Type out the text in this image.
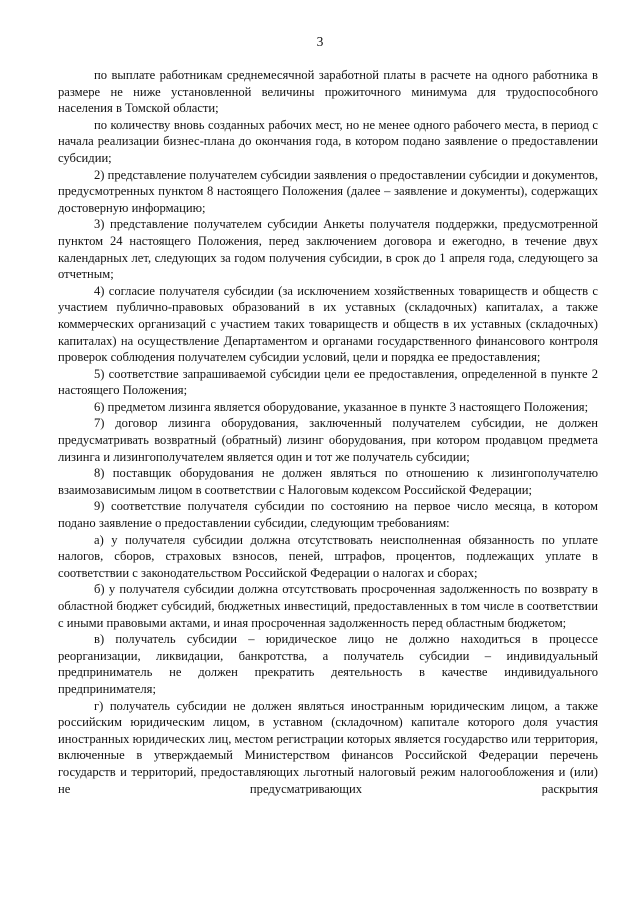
3

по выплате работникам среднемесячной заработной платы в расчете на одного работника в размере не ниже установленной величины прожиточного минимума для трудоспособного населения в Томской области;

по количеству вновь созданных рабочих мест, но не менее одного рабочего места, в период с начала реализации бизнес-плана до окончания года, в котором подано заявление о предоставлении субсидии;

2) представление получателем субсидии заявления о предоставлении субсидии и документов, предусмотренных пунктом 8 настоящего Положения (далее – заявление и документы), содержащих достоверную информацию;

3) представление получателем субсидии Анкеты получателя поддержки, предусмотренной пунктом 24 настоящего Положения, перед заключением договора и ежегодно, в течение двух календарных лет, следующих за годом получения субсидии, в срок до 1 апреля года, следующего за отчетным;

4) согласие получателя субсидии (за исключением хозяйственных товариществ и обществ с участием публично-правовых образований в их уставных (складочных) капиталах, а также коммерческих организаций с участием таких товариществ и обществ в их уставных (складочных) капиталах) на осуществление Департаментом и органами государственного финансового контроля проверок соблюдения получателем субсидии условий, цели и порядка ее предоставления;

5) соответствие запрашиваемой субсидии цели ее предоставления, определенной в пункте 2 настоящего Положения;

6) предметом лизинга является оборудование, указанное в пункте 3 настоящего Положения;

7) договор лизинга оборудования, заключенный получателем субсидии, не должен предусматривать возвратный (обратный) лизинг оборудования, при котором продавцом предмета лизинга и лизингополучателем является один и тот же получатель субсидии;

8) поставщик оборудования не должен являться по отношению к лизингополучателю взаимозависимым лицом в соответствии с Налоговым кодексом Российской Федерации;

9) соответствие получателя субсидии по состоянию на первое число месяца, в котором подано заявление о предоставлении субсидии, следующим требованиям:

а) у получателя субсидии должна отсутствовать неисполненная обязанность по уплате налогов, сборов, страховых взносов, пеней, штрафов, процентов, подлежащих уплате в соответствии с законодательством Российской Федерации о налогах и сборах;

б) у получателя субсидии должна отсутствовать просроченная задолженность по возврату в областной бюджет субсидий, бюджетных инвестиций, предоставленных в том числе в соответствии с иными правовыми актами, и иная просроченная задолженность перед областным бюджетом;

в) получатель субсидии – юридическое лицо не должно находиться в процессе реорганизации, ликвидации, банкротства, а получатель субсидии – индивидуальный предприниматель не должен прекратить деятельность в качестве индивидуального предпринимателя;

г) получатель субсидии не должен являться иностранным юридическим лицом, а также российским юридическим лицом, в уставном (складочном) капитале которого доля участия иностранных юридических лиц, местом регистрации которых является государство или территория, включенные в утверждаемый Министерством финансов Российской Федерации перечень государств и территорий, предоставляющих льготный налоговый режим налогообложения и (или) не предусматривающих раскрытия
